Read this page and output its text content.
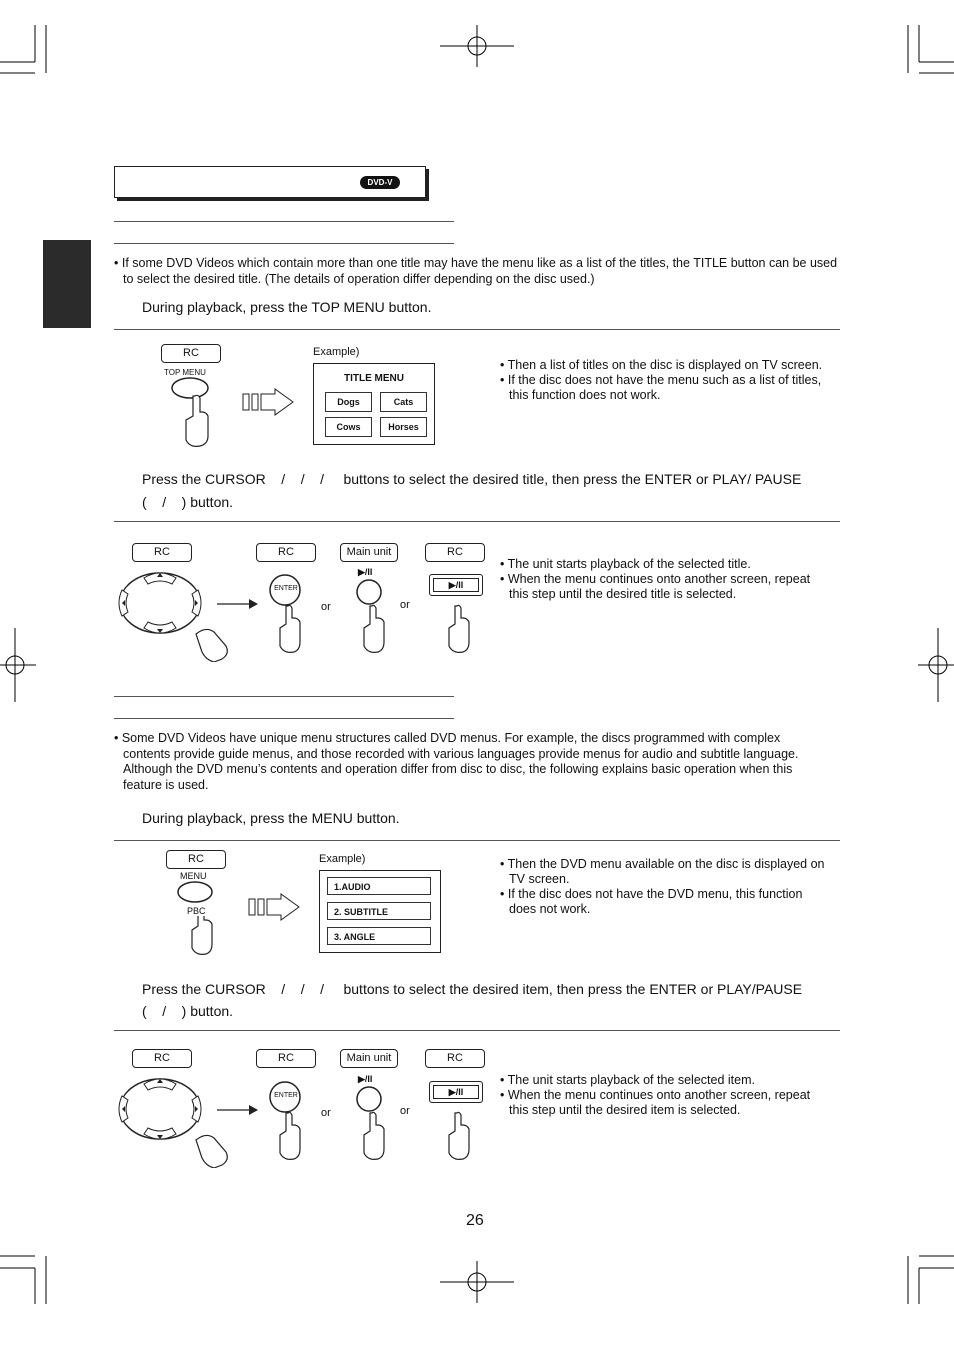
DVD-V
• If some DVD Videos which contain more than one title may have the menu like as a list of the titles, the TITLE button can be used to select the desired title. (The details of operation differ depending on the disc used.)
During playback, press the TOP MENU button.
RC
TOP MENU
Example)
TITLE MENU
Dogs	Cats
Cows	Horses
• Then a list of titles on the disc is displayed on TV screen.
• If the disc does not have the menu such as a list of titles,
this function does not work.
Press the CURSOR    /    /    /     buttons to select the desired title, then press the ENTER or PLAY/ PAUSE
(    /    ) button.
RC	RC	Main unit	RC
ENTER
or
▶/II
or
▶/II
• The unit starts playback of the selected title.
• When the menu continues onto another screen, repeat
this step until the desired title is selected.
• Some DVD Videos have unique menu structures called DVD menus. For example, the discs programmed with complex
contents provide guide menus, and those recorded with various languages provide menus for audio and subtitle language.
Although the DVD menu’s contents and operation differ from disc to disc, the following explains basic operation when this
feature is used.
During playback, press the MENU button.
RC
MENU
PBC
Example)
1.AUDIO
2. SUBTITLE
3. ANGLE
• Then the DVD menu available on the disc is displayed on
TV screen.
• If the disc does not have the DVD menu, this function
does not work.
Press the CURSOR    /    /    /     buttons to select the desired item, then press the ENTER or PLAY/PAUSE
(    /    ) button.
RC	RC	Main unit	RC
ENTER
or
▶/II
or
▶/II
• The unit starts playback of the selected item.
• When the menu continues onto another screen, repeat
this step until the desired item is selected.
26
